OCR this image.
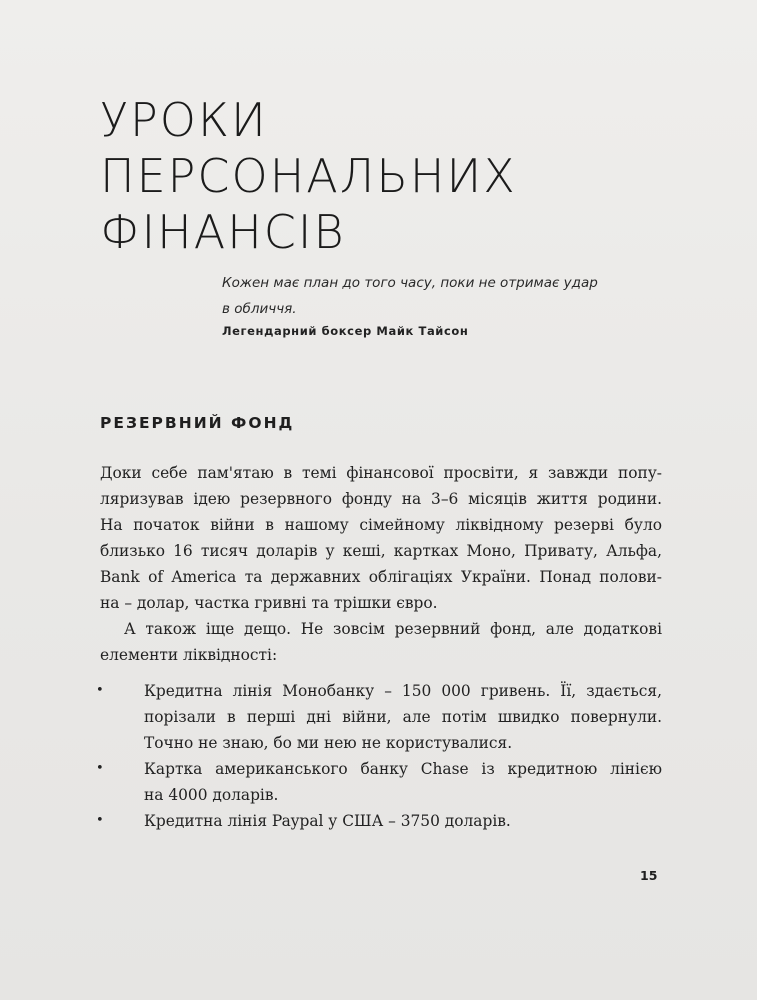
УРОКИ
ПЕРСОНАЛЬНИХ
ФІНАНСІВ
Кожен має план до того часу, поки не отримає удар
в обличчя.
Легендарний боксер Майк Тайсон
РЕЗЕРВНИЙ ФОНД
Доки себе пам'ятаю в темі фінансової просвіти, я завжди попу-
ляризував ідею резервного фонду на 3–6 місяців життя родини.
На початок війни в нашому сімейному ліквідному резерві було
близько 16 тисяч доларів у кеші, картках Моно, Привату, Альфа,
Bank of America та державних облігаціях України. Понад полови-
на – долар, частка гривні та трішки євро.
А також іще дещо. Не зовсім резервний фонд, але додаткові
елементи ліквідності:
•	Кредитна лінія Монобанку – 150 000 гривень. Її, здається,
порізали в перші дні війни, але потім швидко повернули.
Точно не знаю, бо ми нею не користувалися.
•	Картка американського банку Chase із кредитною лінією
на 4000 доларів.
•	Кредитна лінія Paypal у США – 3750 доларів.
15
